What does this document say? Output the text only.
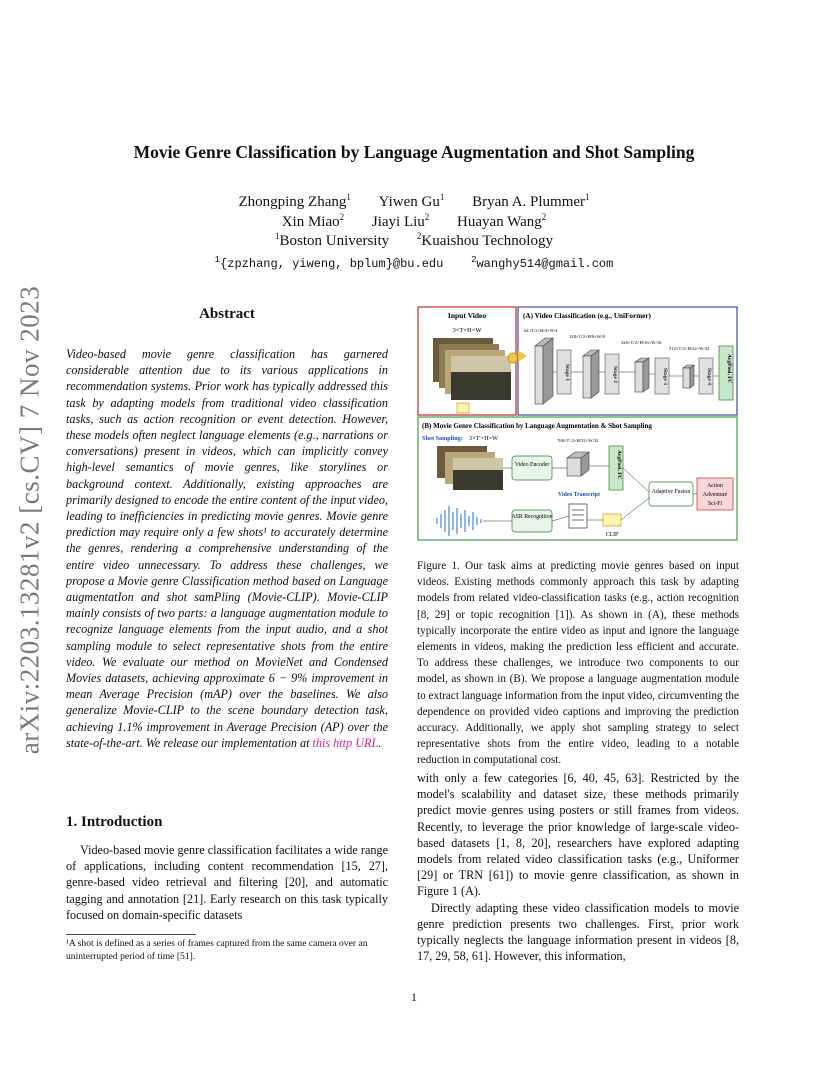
arXiv:2203.13281v2 [cs.CV] 7 Nov 2023
Movie Genre Classification by Language Augmentation and Shot Sampling
Zhongping Zhang$^1$ Yiwen Gu$^1$ Bryan A. Plummer$^1$
Xin Miao$^2$ Jiayi Liu$^2$ Huayan Wang$^2$
$^1$Boston University	$^2$Kuaishou Technology
$^1${zpzhang, yiweng, bplum}@bu.edu	$^2$wanghy514@gmail.com
Abstract

Video-based movie genre classification has garnered considerable attention due to its various applications in recommendation systems. Prior work has typically addressed this task by adapting models from traditional video classification tasks, such as action recognition or event detection. However, these models often neglect language elements (e.g., narrations or conversations) present in videos, which can implicitly convey high-level semantics of movie genres, like storylines or background context. Additionally, existing approaches are primarily designed to encode the entire content of the input video, leading to inefficiencies in predicting movie genres. Movie genre prediction may require only a few shots¹ to accurately determine the genres, rendering a comprehensive understanding of the entire video unnecessary. To address these challenges, we propose a Movie genre Classification method based on Language augmentatIon and shot samPling (Movie-CLIP). Movie-CLIP mainly consists of two parts: a language augmentation module to recognize language elements from the input audio, and a shot sampling module to select representative shots from the entire video. We evaluate our method on MovieNet and Condensed Movies datasets, achieving approximate 6 − 9% improvement in mean Average Precision (mAP) over the baselines. We also generalize Movie-CLIP to the scene boundary detection task, achieving 1.1% improvement in Average Precision (AP) over the state-of-the-art. We release our implementation at this http URL.

1. Introduction

Video-based movie genre classification facilitates a wide range of applications, including content recommendation [15, 27], genre-based video retrieval and filtering [20], and automatic tagging and annotation [21]. Early research on this task typically focused on domain-specific datasets

¹A shot is defined as a series of frames captured from the same camera over an uninterrupted period of time [51].

1
Input Video
3×T×H×W
(A) Video Classification (e.g., UniFormer)
64×T/2×H/4×W/4
128×T/2×H/8×W/8
320×T/2×H/16×W/16
512×T/2×H/32×W/32
Stage 1	Stage 2	Stage 3	Stage 4	AvgPool, FC
(B) Movie Genre Classification by Language Augmentation & Shot Sampling
Shot Sampling: 3×T′×H×W	768×T′/2×H/32×W/32
Video Encoder	AvgPool, FC
Video Transcript	Adaptive Fusion
Action
Adventure
Sci-Fi
ASR Recognition
CLIP

Figure 1. Our task aims at predicting movie genres based on input videos. Existing methods commonly approach this task by adapting models from related video-classification tasks (e.g., action recognition [8, 29] or topic recognition [1]). As shown in (A), these methods typically incorporate the entire video as input and ignore the language elements in videos, making the prediction less efficient and accurate. To address these challenges, we introduce two components to our model, as shown in (B). We propose a language augmentation module to extract language information from the input video, circumventing the dependence on provided video captions and improving the prediction accuracy. Additionally, we apply shot sampling strategy to select representative shots from the entire video, leading to a notable reduction in computational cost.

with only a few categories [6, 40, 45, 63]. Restricted by the model's scalability and dataset size, these methods primarily predict movie genres using posters or still frames from videos. Recently, to leverage the prior knowledge of large-scale video-based datasets [1, 8, 20], researchers have explored adapting models from related video classification tasks (e.g., Uniformer [29] or TRN [61]) to movie genre classification, as shown in Figure 1 (A).

Directly adapting these video classification models to movie genre prediction presents two challenges. First, prior work typically neglects the language information present in videos [8, 17, 29, 58, 61]. However, this information,
